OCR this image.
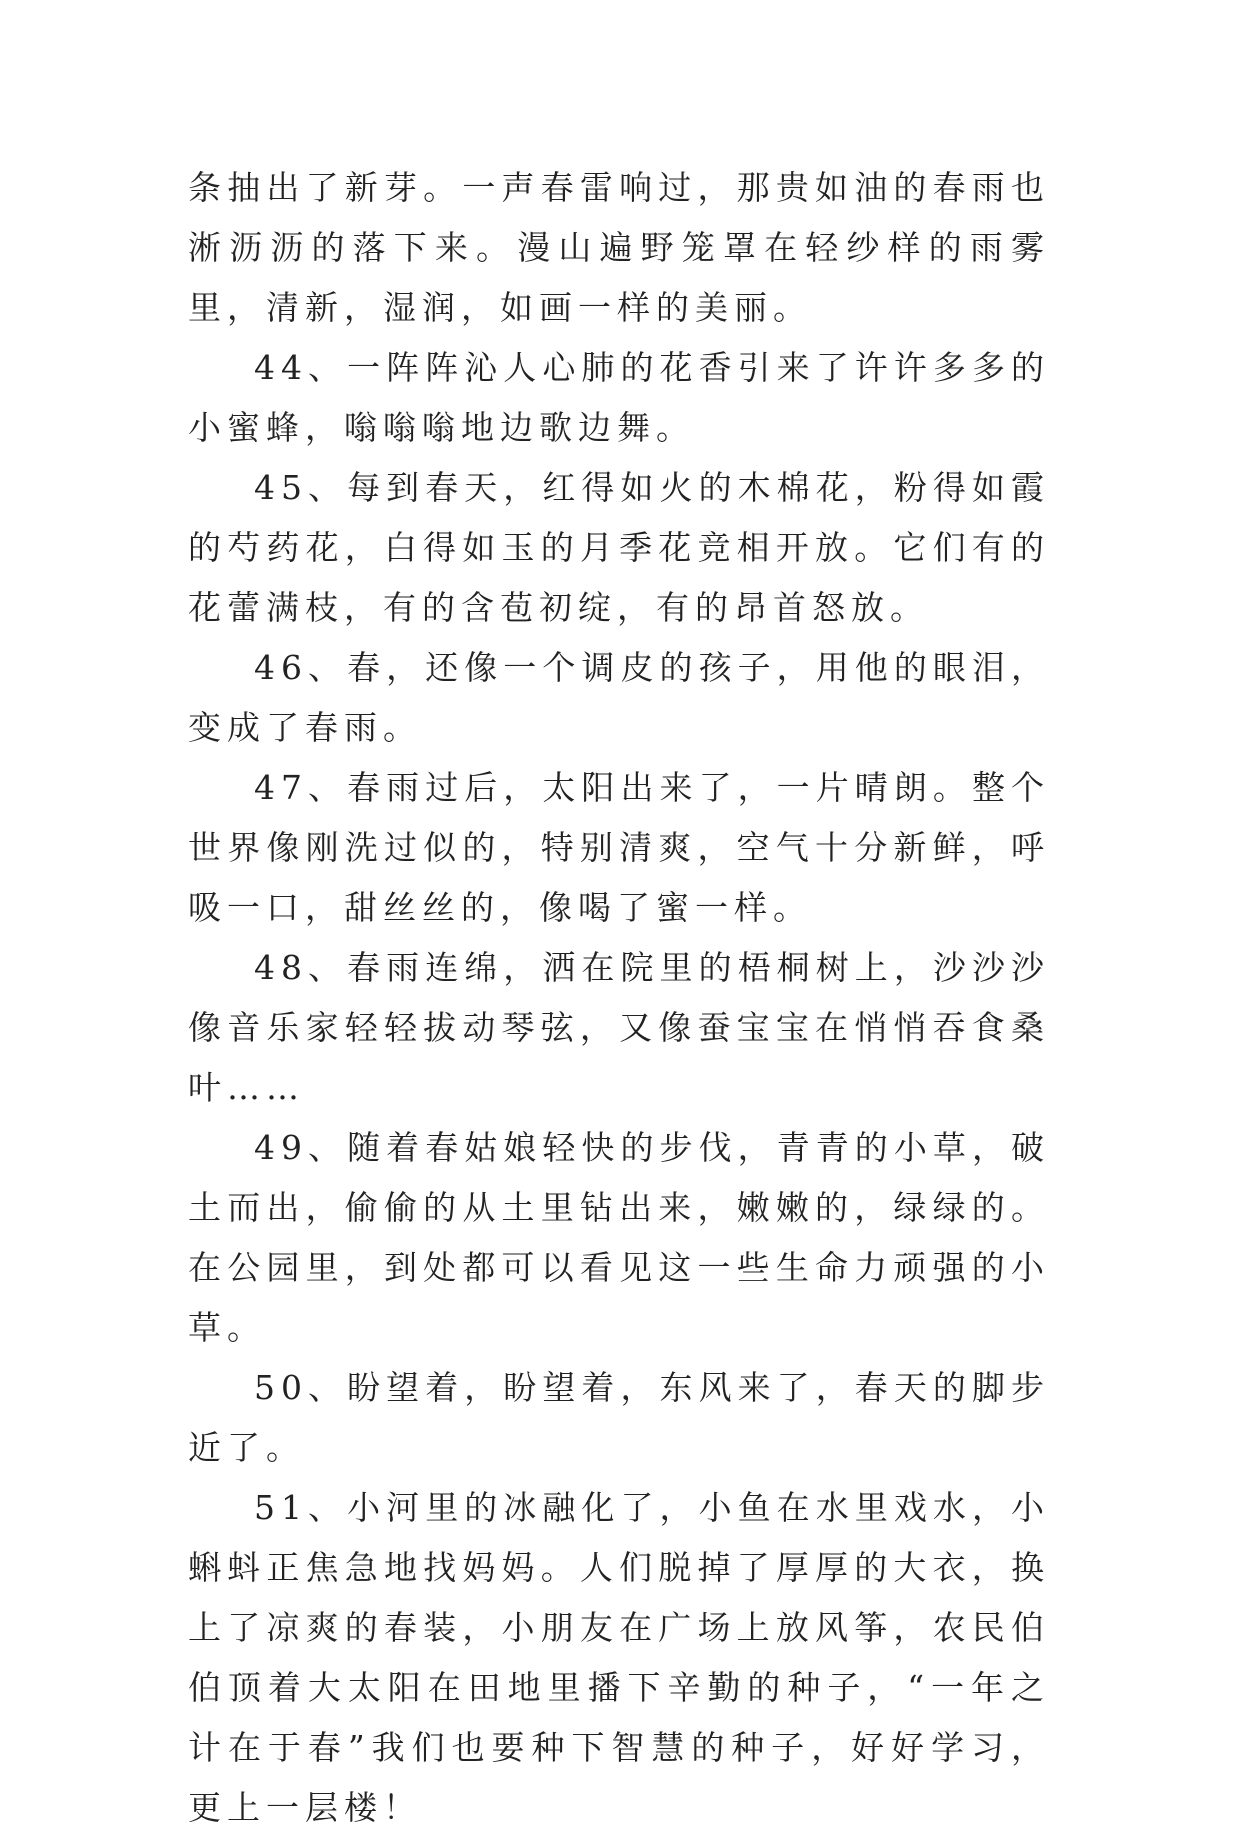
条抽出了新芽。一声春雷响过，那贵如油的春雨也淅沥沥的落下来。漫山遍野笼罩在轻纱样的雨雾里，清新，湿润，如画一样的美丽。

44、一阵阵沁人心肺的花香引来了许许多多的小蜜蜂，嗡嗡嗡地边歌边舞。

45、每到春天，红得如火的木棉花，粉得如霞的芍药花，白得如玉的月季花竞相开放。它们有的花蕾满枝，有的含苞初绽，有的昂首怒放。

46、春，还像一个调皮的孩子，用他的眼泪，变成了春雨。

47、春雨过后，太阳出来了，一片晴朗。整个世界像刚洗过似的，特别清爽，空气十分新鲜，呼吸一口，甜丝丝的，像喝了蜜一样。

48、春雨连绵，洒在院里的梧桐树上，沙沙沙像音乐家轻轻拔动琴弦，又像蚕宝宝在悄悄吞食桑叶……

49、随着春姑娘轻快的步伐，青青的小草，破土而出，偷偷的从土里钻出来，嫩嫩的，绿绿的。在公园里，到处都可以看见这一些生命力顽强的小草。

50、盼望着，盼望着，东风来了，春天的脚步近了。

51、小河里的冰融化了，小鱼在水里戏水，小蝌蚪正焦急地找妈妈。人们脱掉了厚厚的大衣，换上了凉爽的春装，小朋友在广场上放风筝，农民伯伯顶着大太阳在田地里播下辛勤的种子，“一年之计在于春”我们也要种下智慧的种子，好好学习，更上一层楼！
